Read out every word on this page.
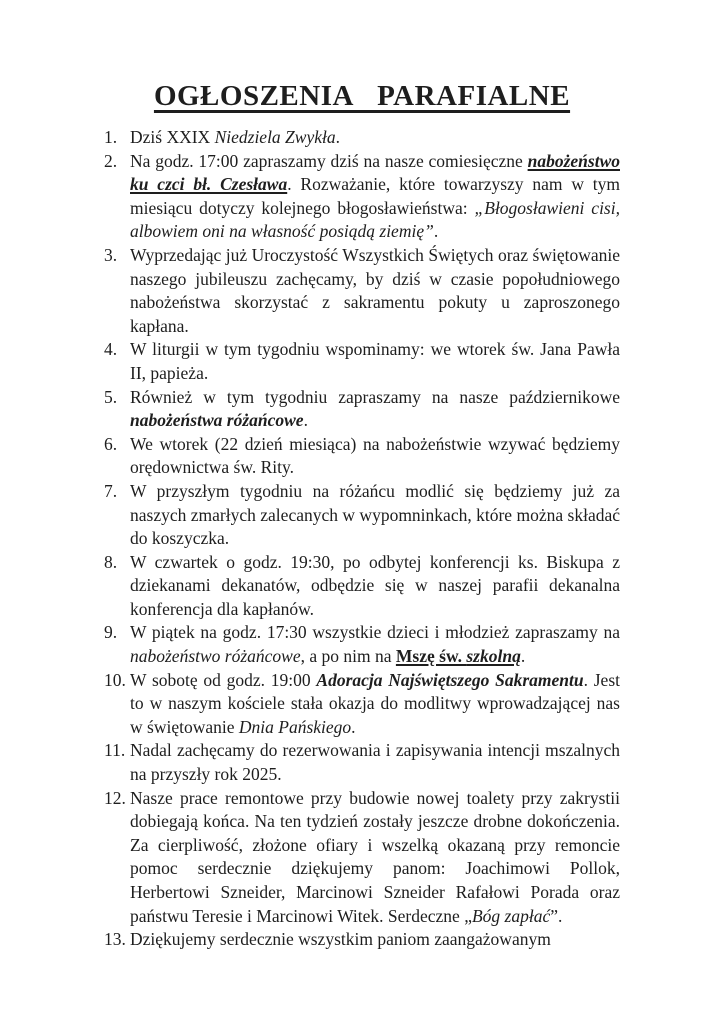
OGŁOSZENIA PARAFIALNE
1. Dziś XXIX Niedziela Zwykła.
2. Na godz. 17:00 zapraszamy dziś na nasze comiesięczne nabożeństwo ku czci bł. Czesława. Rozważanie, które towarzyszy nam w tym miesiącu dotyczy kolejnego błogosławieństwa: „Błogosławieni cisi, albowiem oni na własność posiądą ziemię”.
3. Wyprzedając już Uroczystość Wszystkich Świętych oraz świętowanie naszego jubileuszu zachęcamy, by dziś w czasie popołudniowego nabożeństwa skorzystać z sakramentu pokuty u zaproszonego kapłana.
4. W liturgii w tym tygodniu wspominamy: we wtorek św. Jana Pawła II, papieża.
5. Również w tym tygodniu zapraszamy na nasze październikowe nabożeństwa różańcowe.
6. We wtorek (22 dzień miesiąca) na nabożeństwie wzywać będziemy orędownictwa św. Rity.
7. W przyszłym tygodniu na różańcu modlić się będziemy już za naszych zmarłych zalecanych w wypomninkach, które można składać do koszyczka.
8. W czwartek o godz. 19:30, po odbytej konferencji ks. Biskupa z dziekanami dekanatów, odbędzie się w naszej parafii dekanalna konferencja dla kapłanów.
9. W piątek na godz. 17:30 wszystkie dzieci i młodzież zapraszamy na nabożeństwo różańcowe, a po nim na Mszę św. szkolną.
10. W sobotę od godz. 19:00 Adoracja Najświętszego Sakramentu. Jest to w naszym kościele stała okazja do modlitwy wprowadzającej nas w świętowanie Dnia Pańskiego.
11. Nadal zachęcamy do rezerwowania i zapisywania intencji mszalnych na przyszły rok 2025.
12. Nasze prace remontowe przy budowie nowej toalety przy zakrystii dobiegają końca. Na ten tydzień zostały jeszcze drobne dokończenia. Za cierpliwość, złożone ofiary i wszelką okazaną przy remoncie pomoc serdecznie dziękujemy panom: Joachimowi Pollok, Herbertowi Szneider, Marcinowi Szneider Rafałowi Porada oraz państwu Teresie i Marcinowi Witek. Serdeczne „Bóg zapłać”.
13. Dziękujemy serdecznie wszystkim paniom zaangażowanym
